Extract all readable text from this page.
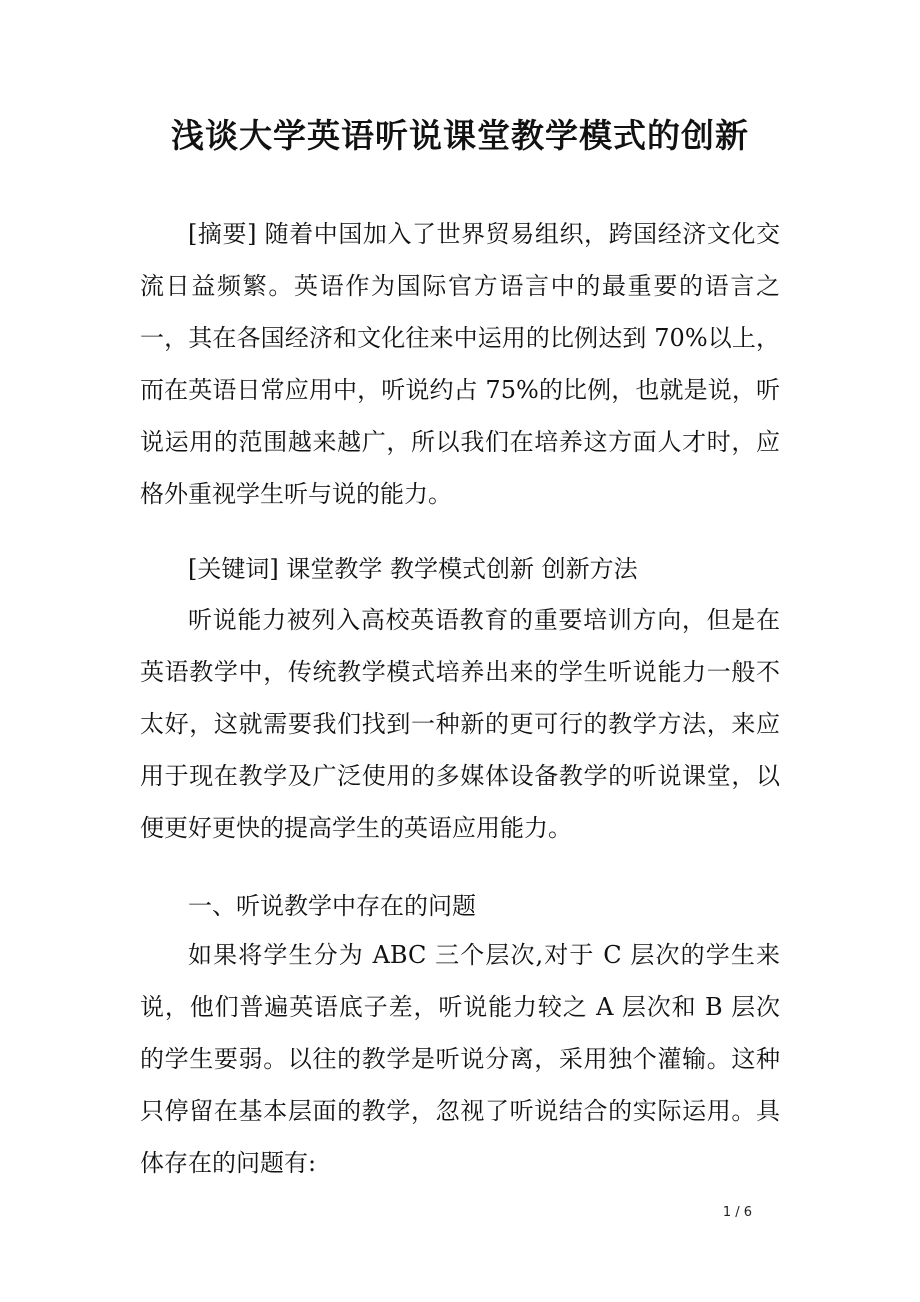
浅谈大学英语听说课堂教学模式的创新

[摘要] 随着中国加入了世界贸易组织，跨国经济文化交流日益频繁。英语作为国际官方语言中的最重要的语言之一，其在各国经济和文化往来中运用的比例达到 70%以上，而在英语日常应用中，听说约占 75%的比例，也就是说，听说运用的范围越来越广，所以我们在培养这方面人才时，应格外重视学生听与说的能力。

[关键词] 课堂教学 教学模式创新 创新方法

听说能力被列入高校英语教育的重要培训方向，但是在英语教学中，传统教学模式培养出来的学生听说能力一般不太好，这就需要我们找到一种新的更可行的教学方法，来应用于现在教学及广泛使用的多媒体设备教学的听说课堂，以便更好更快的提高学生的英语应用能力。

一、听说教学中存在的问题

如果将学生分为 ABC 三个层次,对于 C 层次的学生来说，他们普遍英语底子差，听说能力较之 A 层次和 B 层次的学生要弱。以往的教学是听说分离，采用独个灌输。这种只停留在基本层面的教学，忽视了听说结合的实际运用。具体存在的问题有:

1 / 6
